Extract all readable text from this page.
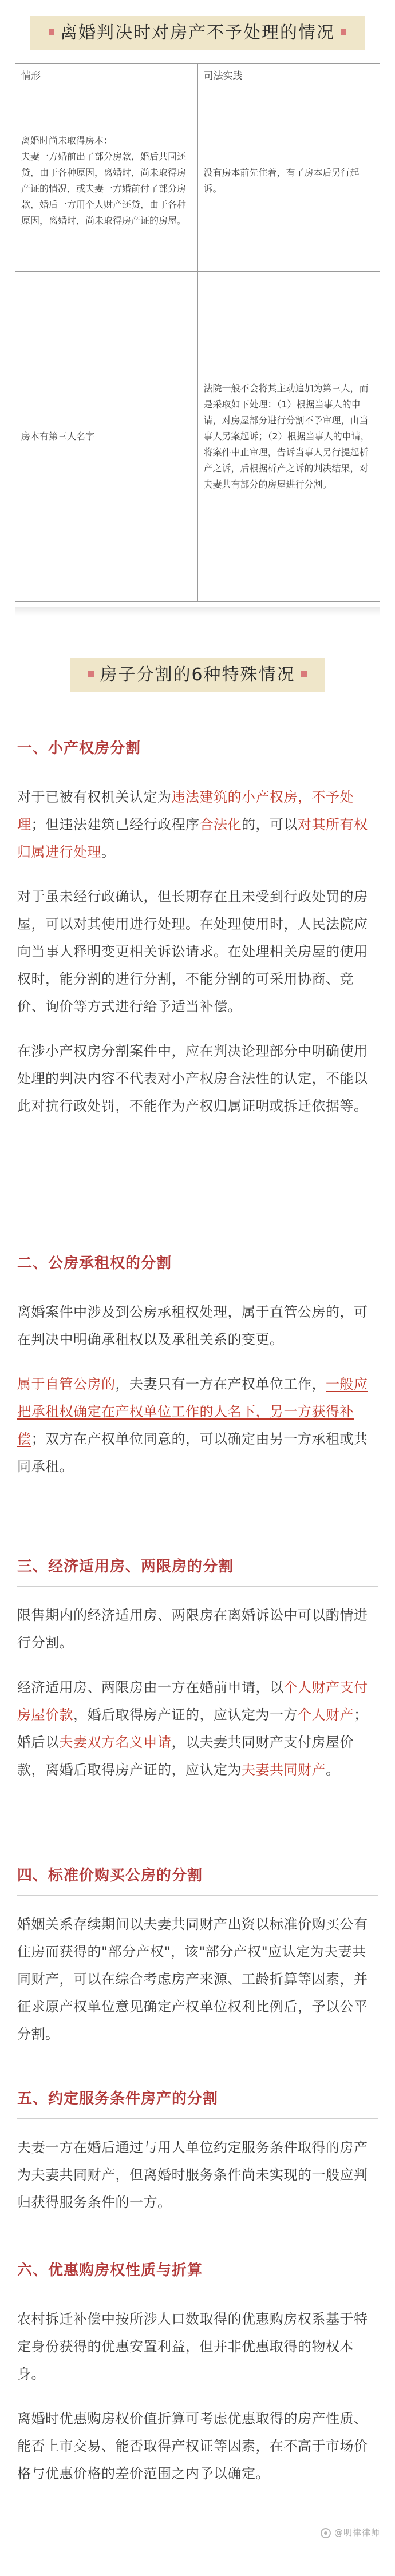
离婚判决时对房产不予处理的情况
情形	司法实践

离婚时尚未取得房本：
夫妻一方婚前出了部分房款，婚后共同还贷，由于各种原因，离婚时，尚未取得房产证的情况，或夫妻一方婚前付了部分房款，婚后一方用个人财产还贷，由于各种原因，离婚时，尚未取得房产证的房屋。	没有房本前先住着，有了房本后另行起诉。
房本有第三人名字	法院一般不会将其主动追加为第三人，而是采取如下处理：（1）根据当事人的申请，对房屋部分进行分割不予审理，由当事人另案起诉；（2）根据当事人的申请，将案件中止审理，告诉当事人另行提起析产之诉，后根据析产之诉的判决结果，对夫妻共有部分的房屋进行分割。
房子分割的6种特殊情况
一、小产权房分割

对于已被有权机关认定为违法建筑的小产权房，不予处理；但违法建筑已经行政程序合法化的，可以对其所有权归属进行处理。

对于虽未经行政确认，但长期存在且未受到行政处罚的房屋，可以对其使用进行处理。在处理使用时，人民法院应向当事人释明变更相关诉讼请求。在处理相关房屋的使用权时，能分割的进行分割，不能分割的可采用协商、竞价、询价等方式进行给予适当补偿。

在涉小产权房分割案件中，应在判决论理部分中明确使用处理的判决内容不代表对小产权房合法性的认定，不能以此对抗行政处罚，不能作为产权归属证明或拆迁依据等。

二、公房承租权的分割

离婚案件中涉及到公房承租权处理，属于直管公房的，可在判决中明确承租权以及承租关系的变更。

属于自管公房的，夫妻只有一方在产权单位工作，一般应把承租权确定在产权单位工作的人名下，另一方获得补偿；双方在产权单位同意的，可以确定由另一方承租或共同承租。

三、经济适用房、两限房的分割

限售期内的经济适用房、两限房在离婚诉讼中可以酌情进行分割。

经济适用房、两限房由一方在婚前申请，以个人财产支付房屋价款，婚后取得房产证的，应认定为一方个人财产；婚后以夫妻双方名义申请，以夫妻共同财产支付房屋价款，离婚后取得房产证的，应认定为夫妻共同财产。

四、标准价购买公房的分割

婚姻关系存续期间以夫妻共同财产出资以标准价购买公有住房而获得的"部分产权"，该"部分产权"应认定为夫妻共同财产，可以在综合考虑房产来源、工龄折算等因素，并征求原产权单位意见确定产权单位权利比例后，予以公平分割。

五、约定服务条件房产的分割

夫妻一方在婚后通过与用人单位约定服务条件取得的房产为夫妻共同财产，但离婚时服务条件尚未实现的一般应判归获得服务条件的一方。

六、优惠购房权性质与折算

农村拆迁补偿中按所涉人口数取得的优惠购房权系基于特定身份获得的优惠安置利益，但并非优惠取得的物权本身。

离婚时优惠购房权价值折算可考虑优惠取得的房产性质、能否上市交易、能否取得产权证等因素，在不高于市场价格与优惠价格的差价范围之内予以确定。

@明律律师
